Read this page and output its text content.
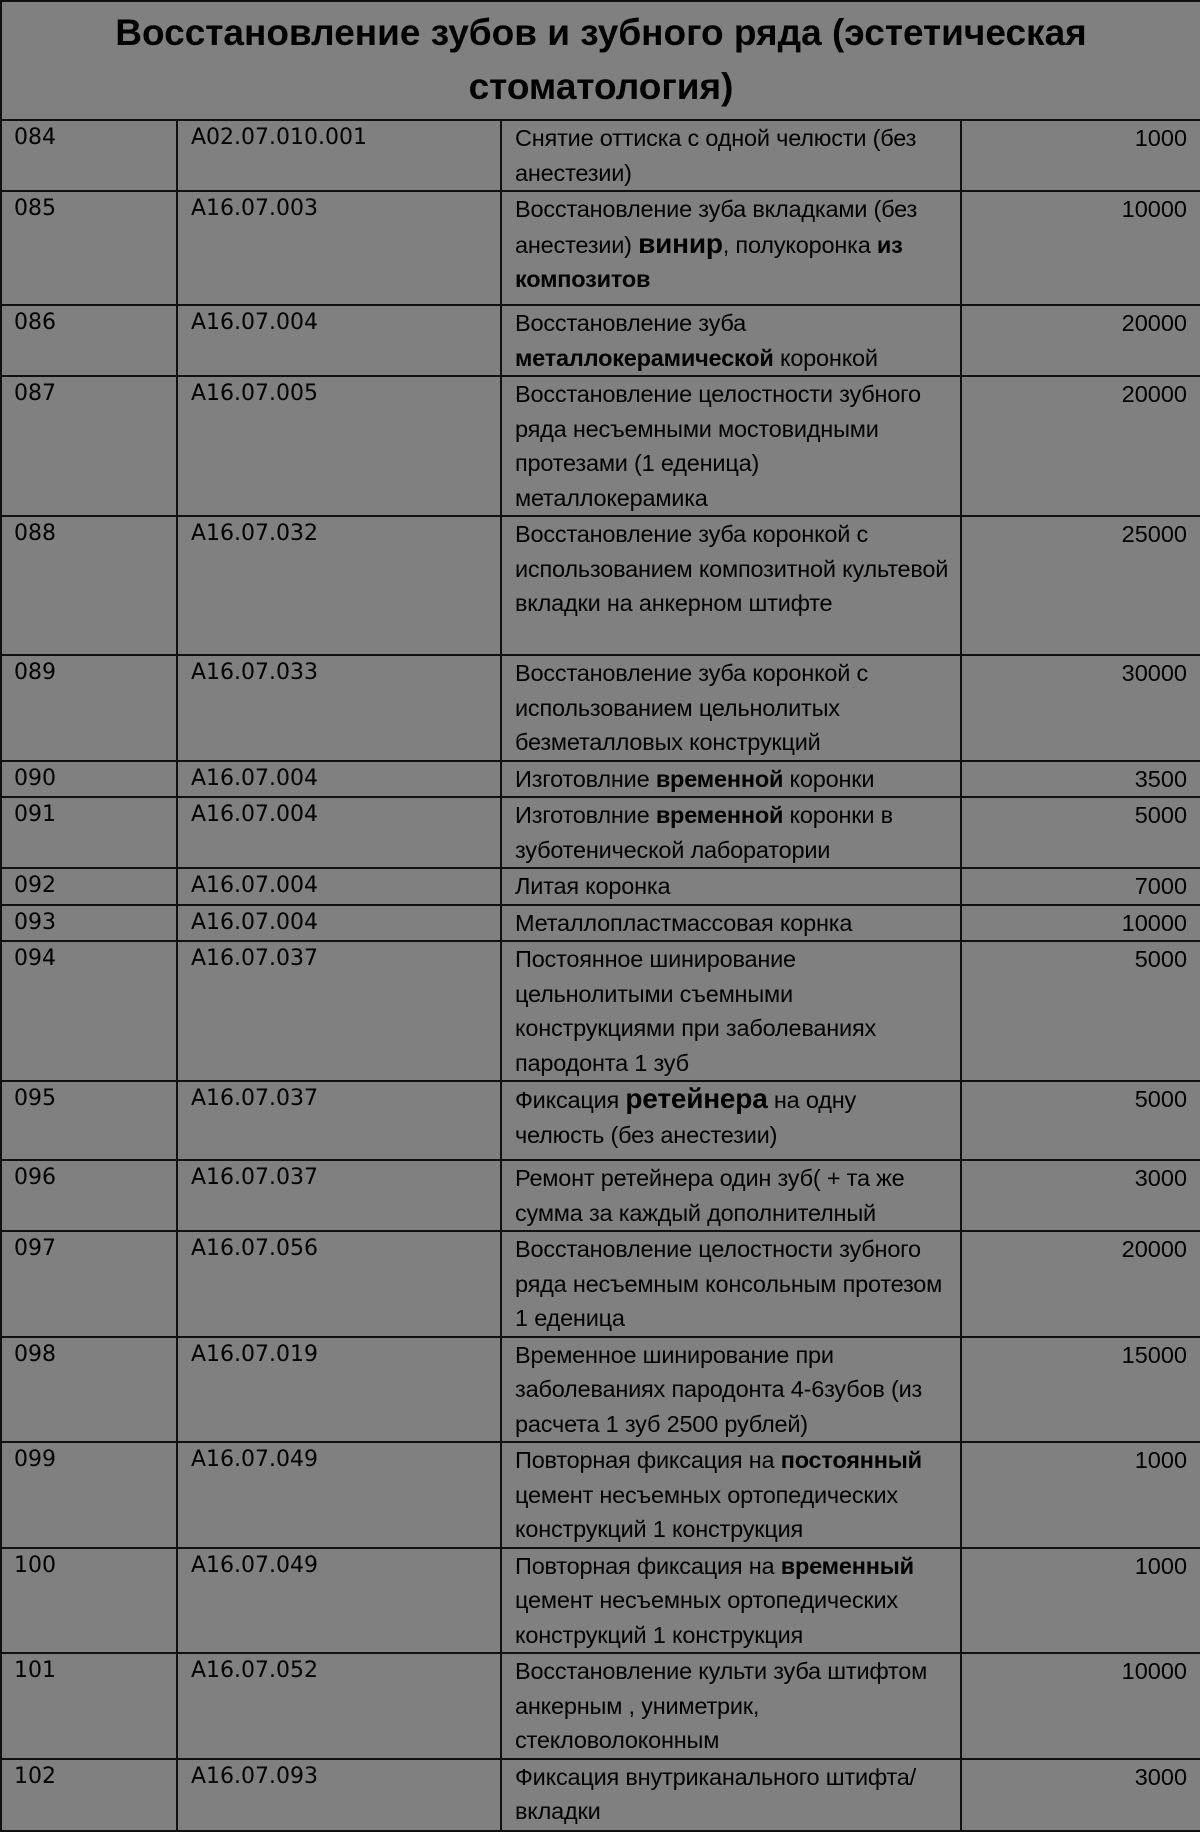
Восстановление зубов и зубного ряда (эстетическая стоматология)			

084	A02.07.010.001	Снятие оттиска с одной челюсти (без анестезии)	1000

085	A16.07.003	Восстановление зуба вкладками (без анестезии) винир, полукоронка из композитов	10000

086	A16.07.004	Восстановление зуба металлокерамической коронкой	20000

087	A16.07.005	Восстановление целостности зубного ряда несъемными мостовидными протезами (1 еденица) металлокерамика	20000

088	A16.07.032	Восстановление зуба коронкой с использованием композитной культевой вкладки на анкерном штифте	25000

089	A16.07.033	Восстановление зуба коронкой с использованием цельнолитых безметалловых конструкций	30000

090	A16.07.004	Изготовлние временной коронки	3500

091	A16.07.004	Изготовлние временной коронки в зуботенической лаборатории	5000

092	A16.07.004	Литая коронка	7000

093	A16.07.004	Металлопластмассовая корнка	10000

094	A16.07.037	Постоянное шинирование цельнолитыми съемными конструкциями при заболеваниях пародонта 1 зуб	5000

095	A16.07.037	Фиксация ретейнера на одну челюсть (без анестезии)	5000

096	A16.07.037	Ремонт ретейнера один зуб( + та же сумма за каждый дополнителный	3000

097	A16.07.056	Восстановление целостности зубного ряда несъемным консольным протезом 1 еденица	20000

098	A16.07.019	Временное шинирование при заболеваниях пародонта 4-6зубов (из расчета 1 зуб 2500 рублей)	15000

099	A16.07.049	Повторная фиксация на постоянный цемент несъемных ортопедических конструкций 1 конструкция	1000

100	A16.07.049	Повторная фиксация на временный цемент несъемных ортопедических конструкций 1 конструкция	1000

101	A16.07.052	Восстановление культи зуба штифтом анкерным , униметрик, стекловолоконным	10000

102	A16.07.093	Фиксация внутриканального штифта/ вкладки	3000
